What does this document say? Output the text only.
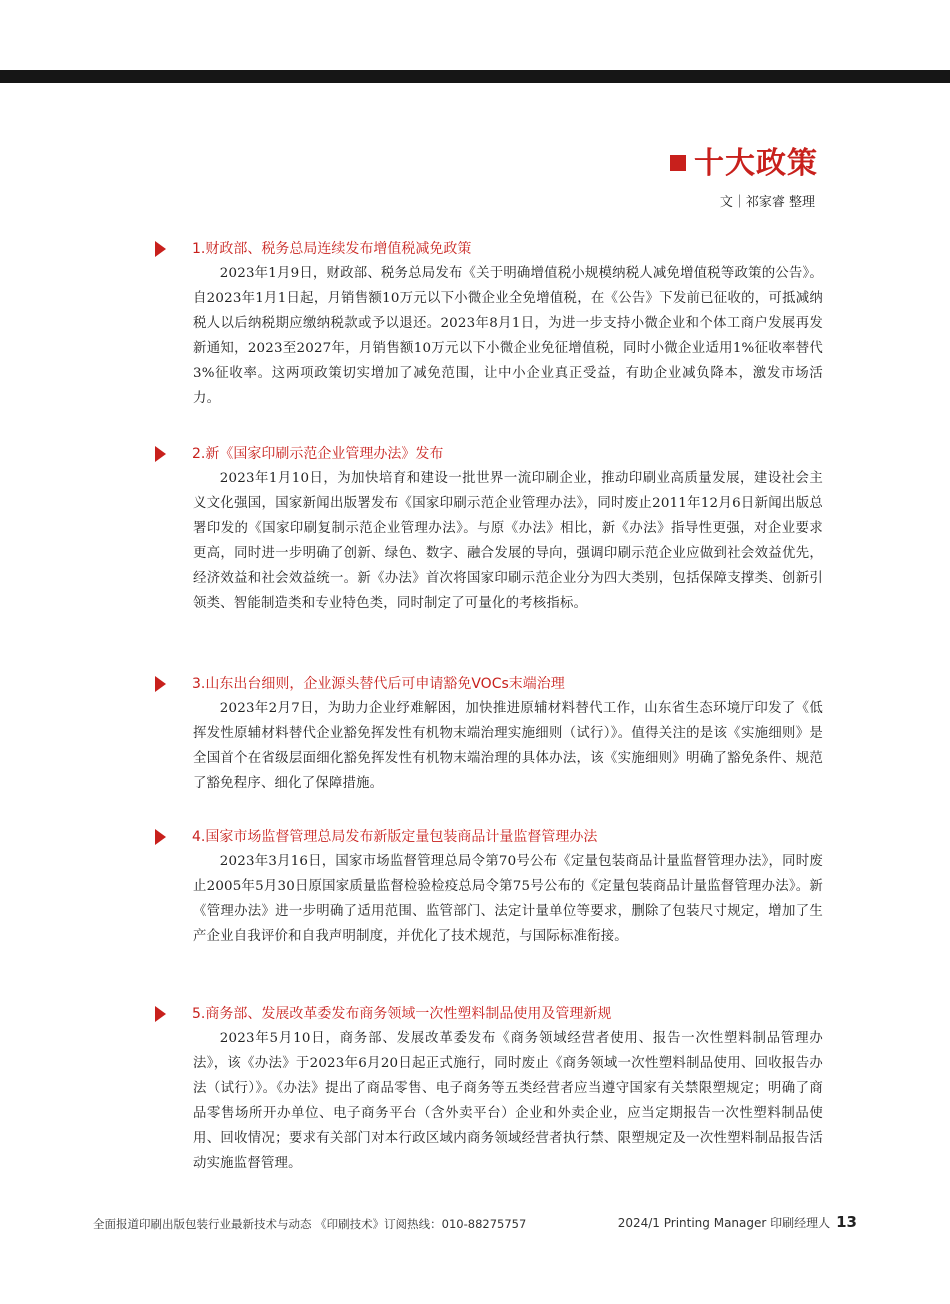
十大政策
文｜祁家睿 整理
1.财政部、税务总局连续发布增值税减免政策
2023年1月9日，财政部、税务总局发布《关于明确增值税小规模纳税人减免增值税等政策的公告》。自2023年1月1日起，月销售额10万元以下小微企业全免增值税，在《公告》下发前已征收的，可抵减纳税人以后纳税期应缴纳税款或予以退还。2023年8月1日，为进一步支持小微企业和个体工商户发展再发新通知，2023至2027年，月销售额10万元以下小微企业免征增值税，同时小微企业适用1%征收率替代3%征收率。这两项政策切实增加了减免范围，让中小企业真正受益，有助企业减负降本，激发市场活力。
2.新《国家印刷示范企业管理办法》发布
2023年1月10日，为加快培育和建设一批世界一流印刷企业，推动印刷业高质量发展，建设社会主义文化强国，国家新闻出版署发布《国家印刷示范企业管理办法》，同时废止2011年12月6日新闻出版总署印发的《国家印刷复制示范企业管理办法》。与原《办法》相比，新《办法》指导性更强，对企业要求更高，同时进一步明确了创新、绿色、数字、融合发展的导向，强调印刷示范企业应做到社会效益优先，经济效益和社会效益统一。新《办法》首次将国家印刷示范企业分为四大类别，包括保障支撑类、创新引领类、智能制造类和专业特色类，同时制定了可量化的考核指标。
3.山东出台细则，企业源头替代后可申请豁免VOCs末端治理
2023年2月7日，为助力企业纾难解困，加快推进原辅材料替代工作，山东省生态环境厅印发了《低挥发性原辅材料替代企业豁免挥发性有机物末端治理实施细则（试行）》。值得关注的是该《实施细则》是全国首个在省级层面细化豁免挥发性有机物末端治理的具体办法，该《实施细则》明确了豁免条件、规范了豁免程序、细化了保障措施。
4.国家市场监督管理总局发布新版定量包装商品计量监督管理办法
2023年3月16日，国家市场监督管理总局令第70号公布《定量包装商品计量监督管理办法》，同时废止2005年5月30日原国家质量监督检验检疫总局令第75号公布的《定量包装商品计量监督管理办法》。新《管理办法》进一步明确了适用范围、监管部门、法定计量单位等要求，删除了包装尺寸规定，增加了生产企业自我评价和自我声明制度，并优化了技术规范，与国际标准衔接。
5.商务部、发展改革委发布商务领域一次性塑料制品使用及管理新规
2023年5月10日，商务部、发展改革委发布《商务领域经营者使用、报告一次性塑料制品管理办法》，该《办法》于2023年6月20日起正式施行，同时废止《商务领域一次性塑料制品使用、回收报告办法（试行）》。《办法》提出了商品零售、电子商务等五类经营者应当遵守国家有关禁限塑规定；明确了商品零售场所开办单位、电子商务平台（含外卖平台）企业和外卖企业，应当定期报告一次性塑料制品使用、回收情况；要求有关部门对本行政区域内商务领域经营者执行禁、限塑规定及一次性塑料制品报告活动实施监督管理。
全面报道印刷出版包装行业最新技术与动态 《印刷技术》订阅热线：010-88275757	2024/1 Printing Manager 印刷经理人 13
